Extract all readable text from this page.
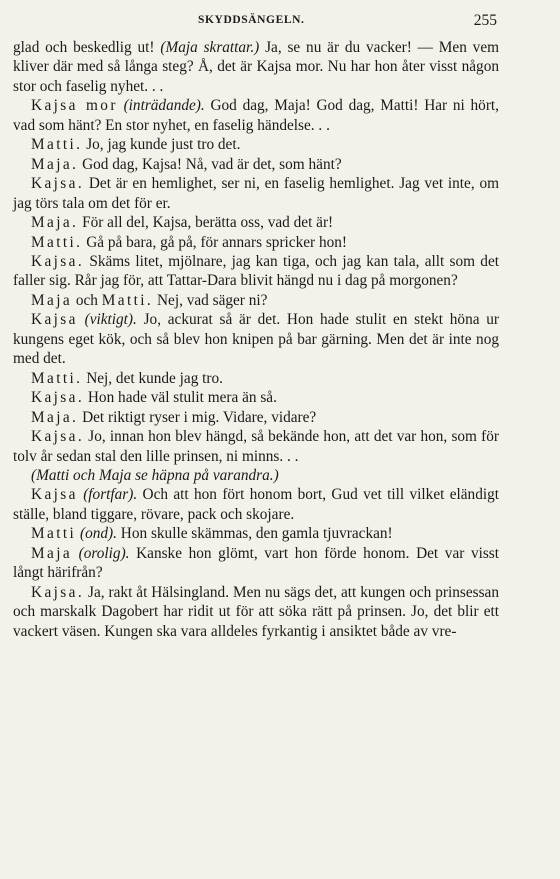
SKYDDSÄNGELN.	255

glad och beskedlig ut! (Maja skrattar.) Ja, se nu är du vacker! — Men vem kliver där med så långa steg? Å, det är Kajsa mor. Nu har hon åter visst någon stor och faselig nyhet. . .

Kajsa mor (inträdande). God dag, Maja! God dag, Matti! Har ni hört, vad som hänt? En stor nyhet, en faselig händelse. . .

Matti. Jo, jag kunde just tro det.

Maja. God dag, Kajsa! Nå, vad är det, som hänt?

Kajsa. Det är en hemlighet, ser ni, en faselig hemlighet. Jag vet inte, om jag törs tala om det för er.

Maja. För all del, Kajsa, berätta oss, vad det är!

Matti. Gå på bara, gå på, för annars spricker hon!

Kajsa. Skäms litet, mjölnare, jag kan tiga, och jag kan tala, allt som det faller sig. Rår jag för, att Tattar-Dara blivit hängd nu i dag på morgonen?

Maja och Matti. Nej, vad säger ni?

Kajsa (viktigt). Jo, ackurat så är det. Hon hade stulit en stekt höna ur kungens eget kök, och så blev hon knipen på bar gärning. Men det är inte nog med det.

Matti. Nej, det kunde jag tro.

Kajsa. Hon hade väl stulit mera än så.

Maja. Det riktigt ryser i mig. Vidare, vidare?

Kajsa. Jo, innan hon blev hängd, så bekände hon, att det var hon, som för tolv år sedan stal den lille prinsen, ni minns. . .

(Matti och Maja se häpna på varandra.)

Kajsa (fortfar). Och att hon fört honom bort, Gud vet till vilket eländigt ställe, bland tiggare, rövare, pack och skojare.

Matti (ond). Hon skulle skämmas, den gamla tjuvrackan!

Maja (orolig). Kanske hon glömt, vart hon förde honom. Det var visst långt härifrån?

Kajsa. Ja, rakt åt Hälsingland. Men nu sägs det, att kungen och prinsessan och marskalk Dagobert har ridit ut för att söka rätt på prinsen. Jo, det blir ett vackert väsen. Kungen ska vara alldeles fyrkantig i ansiktet både av vre-
